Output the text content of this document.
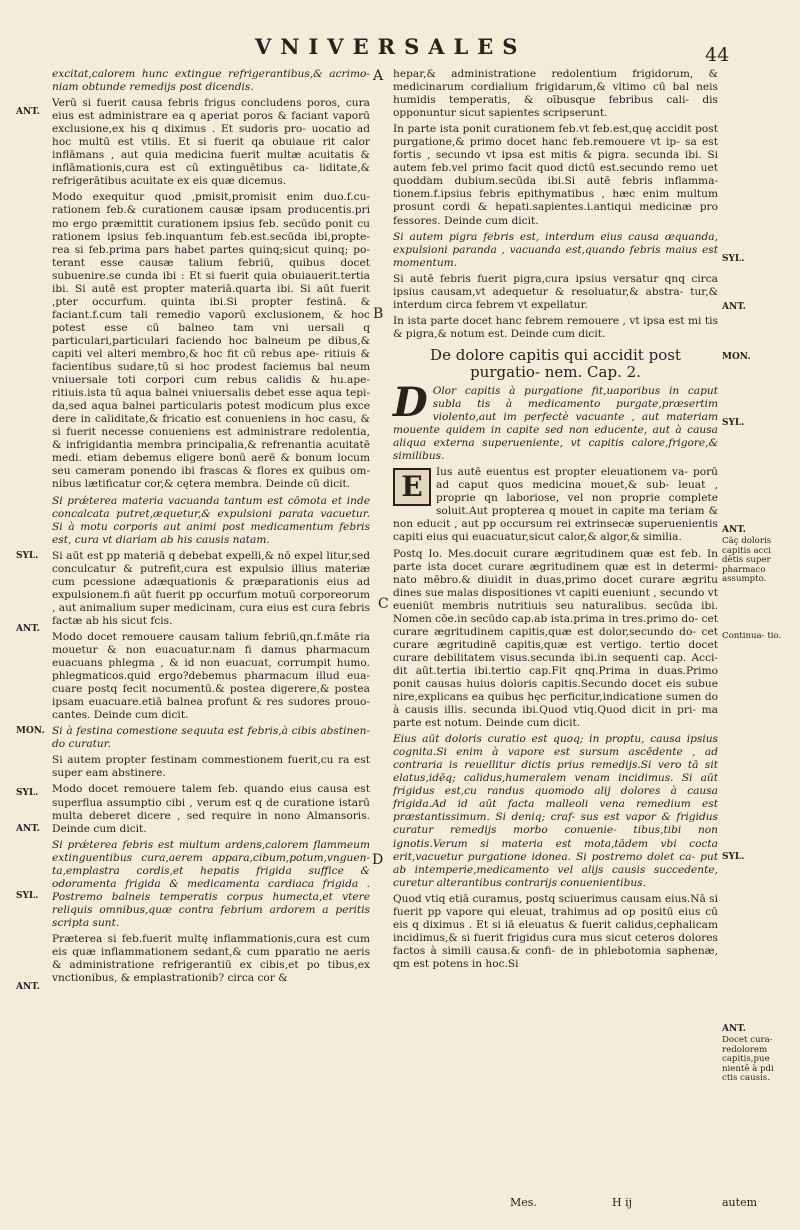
VNIVERSALES	44
ANT.
SYL.
ANT.
MON.
SYL.
ANT.
SYL.
ANT.
A
B
C
D
SYL.
ANT.
MON.
SYL.
ANT.
Cãç doloris capitis acci dētis super pharmaco assumpto.
Continua- tio.
SYL.
ANT.
Docet cura- redolorem capitis,pue nientē à pdi ctis causis.

excitat,calorem hunc extingue refrigerantibus,& acrimo- niam obtunde remedijs post dicendis.

Verū si fuerit causa febris frigus concludens poros, cura eius est administrare ea q aperiat poros & faciant vaporū exclusione,ex his q diximus . Et sudoris pro- uocatio ad hoc multū est vtilis. Et si fuerit qa obuiaue rit calor inflāmans , aut quia medicina fuerit multæ acuitatis & inflāmationis,cura est cū extinguētibus ca- liditate,& refrigerātibus acuitate ex eis quæ dicemus.

Modo exequitur quod ,pmisit,promisit enim duo.f.cu- rationem feb.& curationem causæ ipsam producentis.pri mo ergo præmittit curationem ipsius feb. secūdo ponit cu rationem ipsius feb.inquantum feb.est.secūda ibi,propte- rea si feb.prima pars habet partes quinq;sicut quinq; po- terant esse causæ talium febriū, quibus docet subuenire.se cunda ibi : Et si fuerit quia obuiauerit.tertia ibi. Si autē est propter materiā.quarta ibi. Si aūt fuerit ,pter occurfum. quinta ibi.Si propter festinā. & faciant.f.cum tali remedio vaporū exclusionem, & hoc potest esse cū balneo tam vni uersali q particulari,particulari faciendo hoc balneum pe dibus,& capiti vel alteri membro,& hoc fit cū rebus ape- ritiuis & facientibus sudare,tū si hoc prodest faciemus bal neum vniuersale toti corpori cum rebus calidis & hu.ape- ritiuis.ista tū aqua balnei vniuersalis debet esse aqua tepi- da,sed aqua balnei particularis potest modicum plus exce dere in caliditate,& fricatio est conueniens in hoc casu, & si fuerit necesse conueniens est administrare redolentia, & infrigidantia membra principalia,& refrenantia acuitatē medi. etiam debemus eligere bonū aerē & bonum locum seu cameram ponendo ibi frascas & flores ex quibus om- nibus lætificatur cor,& cętera membra. Deinde cū dicit.

Si prǽterea materia vacuanda tantum est cōmota et inde concalcata putret,æquetur,& expulsioni parata vacuetur. Si à motu corporis aut animi post medicamentum febris est, cura vt diariam ab his causis natam.

Si aūt est pp materiā q debebat expelli,& nō expel litur,sed conculcatur & putrefit,cura est expulsio illius materiæ cum pcessione adæquationis & præparationis eius ad expulsionem.fi aūt fuerit pp occurfum motuū corporeorum , aut animalium super medicinam, cura eius est cura febris factæ ab his sicut fcis.

Modo docet remouere causam talium febriū,qn.f.māte ria mouetur & non euacuatur.nam fi damus pharmacum euacuans phlegma , & id non euacuat, corrumpit humo. phlegmaticos.quid ergo?debemus pharmacum illud eua- cuare postq fecit nocumentū.& postea digerere,& postea ipsam euacuare.etiā balnea profunt & res sudores prouo- cantes. Deinde cum dicit.

Si à festina comestione sequuta est febris,à cibis abstinen- do curatur.

Si autem propter festinam commestionem fuerit,cu ra est super eam abstinere.

Modo docet remouere talem feb. quando eius causa est superflua assumptio cibi , verum est q de curatione istarū multa deberet dicere , sed require in nono Almansoris. Deinde cum dicit.

Si prǽterea febris est multum ardens,calorem flammeum extinguentibus cura,aerem appara,cibum,potum,vnguen- ta,emplastra cordis,et hepatis frigida suffice & odoramenta frigida & medicamenta cardiaca frigida . Postremo balneis temperatis corpus humecta,et vtere reliquis omnibus,quæ contra febrium ardorem a peritis scripta sunt.

Præterea si feb.fuerit multę inflammationis,cura est cum eis quæ inflammationem sedant,& cum pparatio ne aeris & administratione refrigerantiū ex cibis,et po tibus,ex vnctionibus, & emplastrationib? circa cor &

hepar,& administratione redolentium frigidorum, & medicinarum cordialium frigidarum,& vltimo cū bal neis humidis temperatis, & oībusque febribus cali- dis opponuntur sicut sapientes scripserunt.

In parte ista ponit curationem feb.vt feb.est,quę accidit post purgatione,& primo docet hanc feb.remouere vt ip- sa est fortis , secundo vt ipsa est mitis & pigra. secunda ibi. Si autem feb.vel primo facit quod dictū est.secundo remo uet quoddam dubium.secūda ibi.Si autē febris inflamma- tionem.f.ipsius febris epithymatibus , hæc enim multum prosunt cordi & hepati.sapientes.i.antiqui medicinæ pro fessores. Deinde cum dicit.

Si autem pigra febris est, interdum eius causa æquanda, expulsioni paranda , vacuanda est,quando febris maius est momentum.

Si autē febris fuerit pigra,cura ipsius versatur qnq circa ipsius causam,vt adequetur & resoluatur,& abstra- tur,& interdum circa febrem vt expellatur.

In ista parte docet hanc febrem remouere , vt ipsa est mi tis & pigra,& notum est. Deinde cum dicit.

De dolore capitis qui accidit post purgatio- nem. Cap. 2.

D Olor capitis à purgatione fit,uaporibus in caput subla tis à medicamento purgate,præsertim violento,aut im perfectè vacuante , aut materiam mouente quidem in capite sed non educente, aut à causa aliqua externa superueniente, vt capitis calore,frigore,& similibus.

E	Ius autē euentus est propter eleuationem va- porū ad caput quos medicina mouet,& sub- leuat , proprie qn laboriose, vel non proprie complete soluit.Aut propterea q mouet in capite ma teriam & non educit , aut pp occursum rei extrinsecæ superuenientis capiti eius qui euacuatur,sicut calor,& algor,& similia.

Postq Io. Mes.docuit curare ægritudinem quæ est feb. In parte ista docet curare ægritudinem quæ est in determi- nato mēbro.& diuidit in duas,primo docet curare ægritu dines sue malas dispositiones vt capiti eueniunt , secundo vt eueniūt membris nutritiuis seu naturalibus. secūda ibi. Nomen cōe.in secūdo cap.ab ista.prima in tres.primo do- cet curare ægritudinem capitis,quæ est dolor,secundo do- cet curare ægritudinē capitis,quæ est vertigo. tertio docet curare debilitatem visus.secunda ibi.in sequenti cap. Acci- dit aūt.tertia ibi.tertio cap.Fit qnq.Prima in duas.Primo ponit causas huius doloris capitis.Secundo docet eis subue nire,explicans ea quibus hęc perficitur,indicatione sumen do à causis illis. secunda ibi.Quod vtiq.Quod dicit in pri- ma parte est notum. Deinde cum dicit.

Eius aūt doloris curatio est quoq; in proptu, causa ipsius cognita.Si enim à vapore est sursum ascēdente , ad contraria is reuellitur dictis prius remedijs.Si vero tā sit elatus,idēq; calidus,humeralem venam incidimus. Si aūt frigidus est,cu randus quomodo alij dolores à causa frigida.Ad id aūt facta malleoli vena remedium est præstantissimum. Si deniq; craf- sus est vapor & frigidus curatur remedijs morbo conuenie- tibus,tibi non ignotis.Verum si materia est mota,tādem vbi cocta erit,vacuetur purgatione idonea. Si postremo dolet ca- put ab intemperie,medicamento vel alijs causis succedente, curetur alterantibus contrarijs conuenientibus.

Quod vtiq etiā curamus, postq sciuerimus causam eius.Nā si fuerit pp vapore qui eleuat, trahimus ad op positū eius cū eis q diximus . Et si iā eleuatus & fuerit calidus,cephalicam incidimus,& si fuerit frigidus cura mus sicut ceteros dolores factos à simili causa.& confi- de in phlebotomia saphenæ, qm est potens in hoc.Si

Mes.	H ij	autem
